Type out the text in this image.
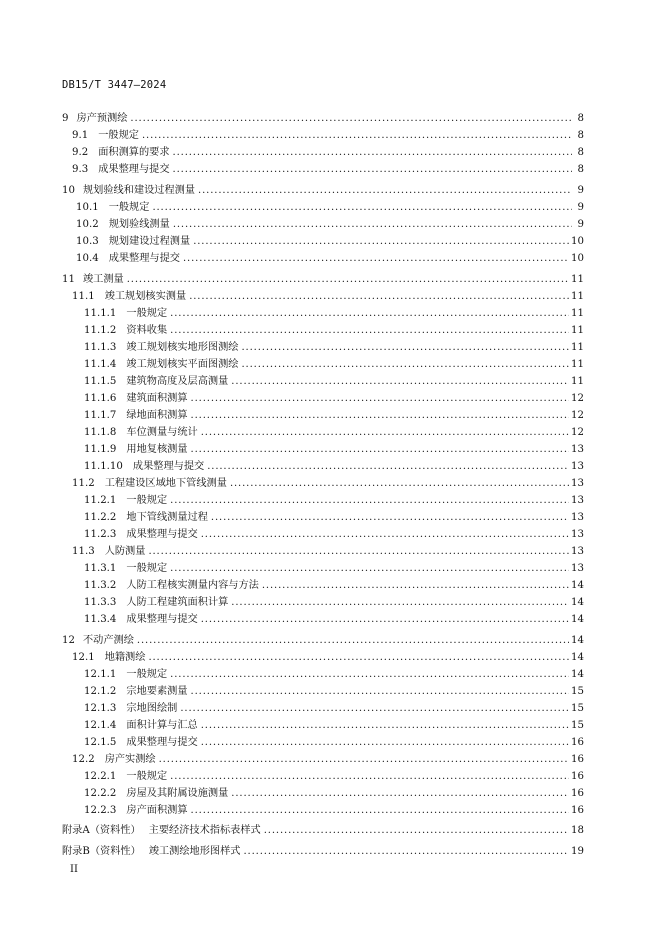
DB15/T 3447—2024
9 房产预测绘 . . .	8
9.1 一般规定 . . .	8
9.2 面积测算的要求 . . .	8
9.3 成果整理与提交 . . .	8
10 规划验线和建设过程测量 . . .	9
10.1 一般规定 . . .	9
10.2 规划验线测量 . . .	9
10.3 规划建设过程测量 . . .	10
10.4 成果整理与提交 . . .	10
11 竣工测量 . . .	11
11.1 竣工规划核实测量 . . .	11
11.1.1 一般规定 . . .	11
11.1.2 资料收集 . . .	11
11.1.3 竣工规划核实地形图测绘 . . .	11
11.1.4 竣工规划核实平面图测绘 . . .	11
11.1.5 建筑物高度及层高测量 . . .	11
11.1.6 建筑面积测算 . . .	12
11.1.7 绿地面积测算 . . .	12
11.1.8 车位测量与统计 . . .	12
11.1.9 用地复核测量 . . .	13
11.1.10 成果整理与提交 . . .	13
11.2 工程建设区域地下管线测量 . . .	13
11.2.1 一般规定 . . .	13
11.2.2 地下管线测量过程 . . .	13
11.2.3 成果整理与提交 . . .	13
11.3 人防测量 . . .	13
11.3.1 一般规定 . . .	13
11.3.2 人防工程核实测量内容与方法 . . .	14
11.3.3 人防工程建筑面积计算 . . .	14
11.3.4 成果整理与提交 . . .	14
12 不动产测绘 . . .	14
12.1 地籍测绘 . . .	14
12.1.1 一般规定 . . .	14
12.1.2 宗地要素测量 . . .	15
12.1.3 宗地图绘制 . . .	15
12.1.4 面积计算与汇总 . . .	15
12.1.5 成果整理与提交 . . .	16
12.2 房产实测绘 . . .	16
12.2.1 一般规定 . . .	16
12.2.2 房屋及其附属设施测量 . . .	16
12.2.3 房产面积测算 . . .	16
附录A（资料性） 主要经济技术指标表样式 . . .	18
附录B（资料性） 竣工测绘地形图样式 . . .	19
II
